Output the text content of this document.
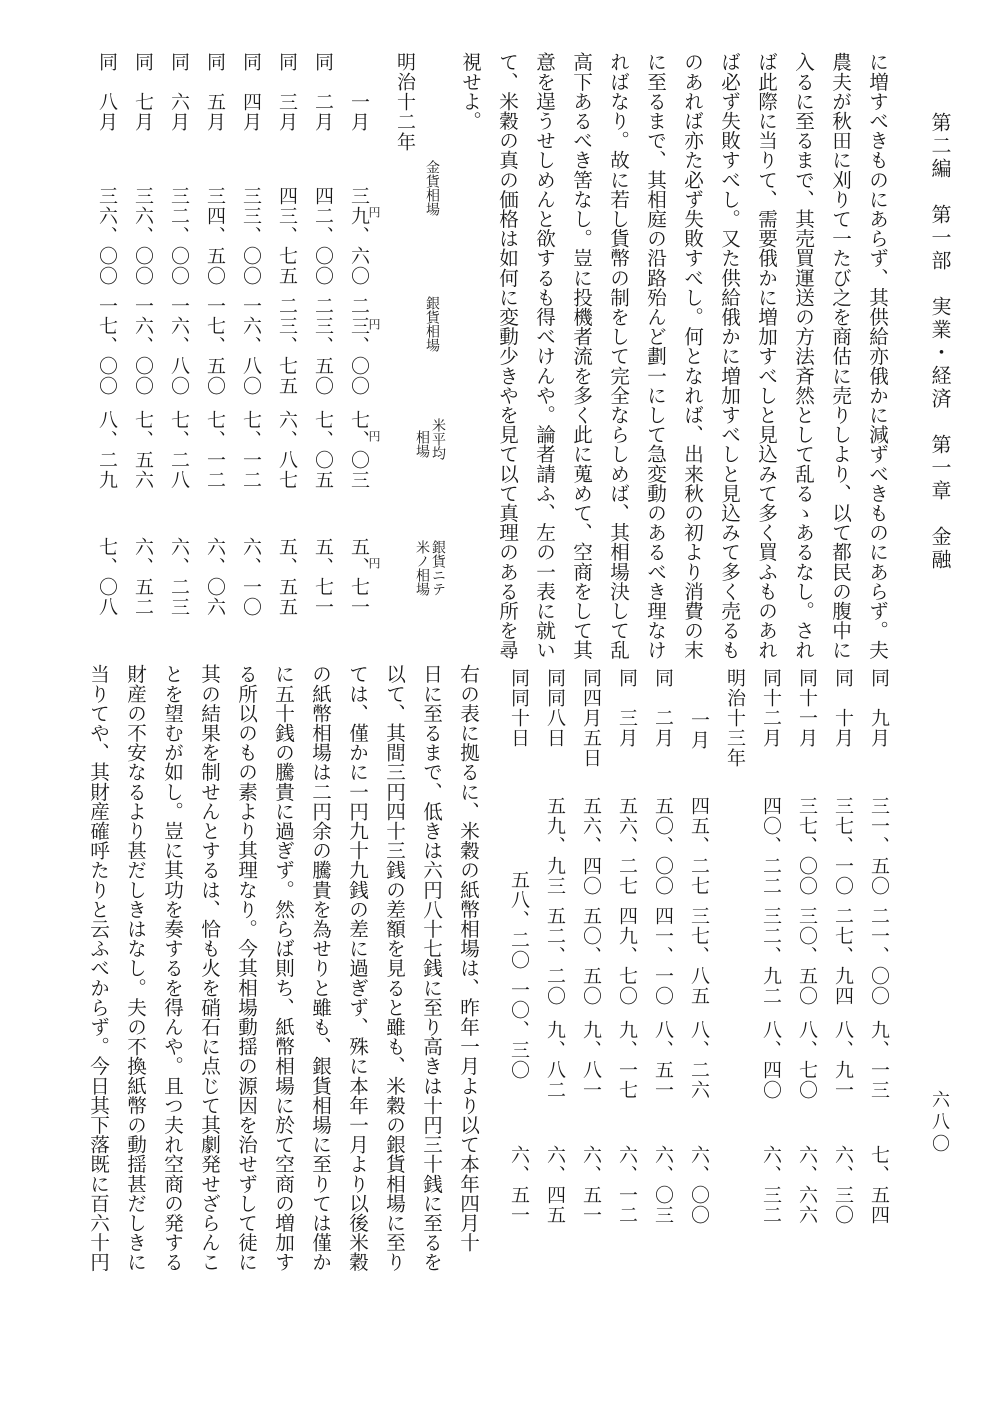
第二編　第一部　実業・経済　第一章　金融
六八〇
に増すべきものにあらず、其供給亦俄かに減ずべきものにあらず。夫
農夫が秋田に刈りて一たび之を商估に売りしより、以て都民の腹中に
入るに至るまで、其売買運送の方法斉然として乱るゝあるなし。され
ば此際に当りて、需要俄かに増加すべしと見込みて多く買ふものあれ
ば必ず失敗すべし。又た供給俄かに増加すべしと見込みて多く売るも
のあれば亦た必ず失敗すべし。何となれば、出来秋の初より消費の末
に至るまで、其相庭の沿路殆んど劃一にして急変動のあるべき理なけ
ればなり。故に若し貨幣の制をして完全ならしめば、其相場決して乱
高下あるべき筈なし。豈に投機者流を多く此に蒐めて、空商をして其
意を逞うせしめんと欲するも得べけんや。論者請ふ、左の一表に就い
て、米穀の真の価格は如何に変動少きやを見て以て真理のある所を尋
視せよ。
金貨相場
銀貨相場
米平均
相場
銀貨ニテ
米ノ相場
明治十二年
円
円
円
円
一月
三九、六〇
二三、〇〇
七、〇三
五、七一
同　二月
四二、〇〇
二三、五〇
七、〇五
五、七一
同　三月
四三、七五
二三、七五
六、八七
五、五五
同　四月
三三、〇〇
一六、八〇
七、一二
六、一〇
同　五月
三四、五〇
一七、五〇
七、一二
六、〇六
同　六月
三二、〇〇
一六、八〇
七、二八
六、二三
同　七月
三六、〇〇
一六、〇〇
七、五六
六、五二
同　八月
三六、〇〇
一七、〇〇
八、二九
七、〇八
同　九月
三一、五〇
二一、〇〇
九、一三
七、五四
同　十月
三七、一〇
二七、九四
八、九一
六、三〇
同十一月
三七、〇〇
三〇、五〇
八、七〇
六、六六
同十二月
四〇、二二
三二、九二
八、四〇
六、三二
明治十三年
一月
四五、二七
三七、八五
八、二六
六、〇〇
同　二月
五〇、〇〇
四一、一〇
八、五一
六、〇三
同　三月
五六、二七
四九、七〇
九、一七
六、一二
同四月五日
五六、四〇
五〇、五〇
九、八一
六、五一
同同八日
五九、九三
五二、二〇
九、八二
六、四五
同同十日
五八、二〇
一〇、三〇
六、五一
右の表に拠るに、米穀の紙幣相場は、昨年一月より以て本年四月十
日に至るまで、低きは六円八十七銭に至り高きは十円三十銭に至るを
以て、其間三円四十三銭の差額を見ると雖も、米穀の銀貨相場に至り
ては、僅かに一円九十九銭の差に過ぎず、殊に本年一月より以後米穀
の紙幣相場は二円余の騰貴を為せりと雖も、銀貨相場に至りては僅か
に五十銭の騰貴に過ぎず。然らば則ち、紙幣相場に於て空商の増加す
る所以のもの素より其理なり。今其相場動揺の源因を治せずして徒に
其の結果を制せんとするは、恰も火を硝石に点じて其劇発せざらんこ
とを望むが如し。豈に其功を奏するを得んや。且つ夫れ空商の発する
財産の不安なるより甚だしきはなし。夫の不換紙幣の動揺甚だしきに
当りてや、其財産確呼たりと云ふべからず。今日其下落既に百六十円
